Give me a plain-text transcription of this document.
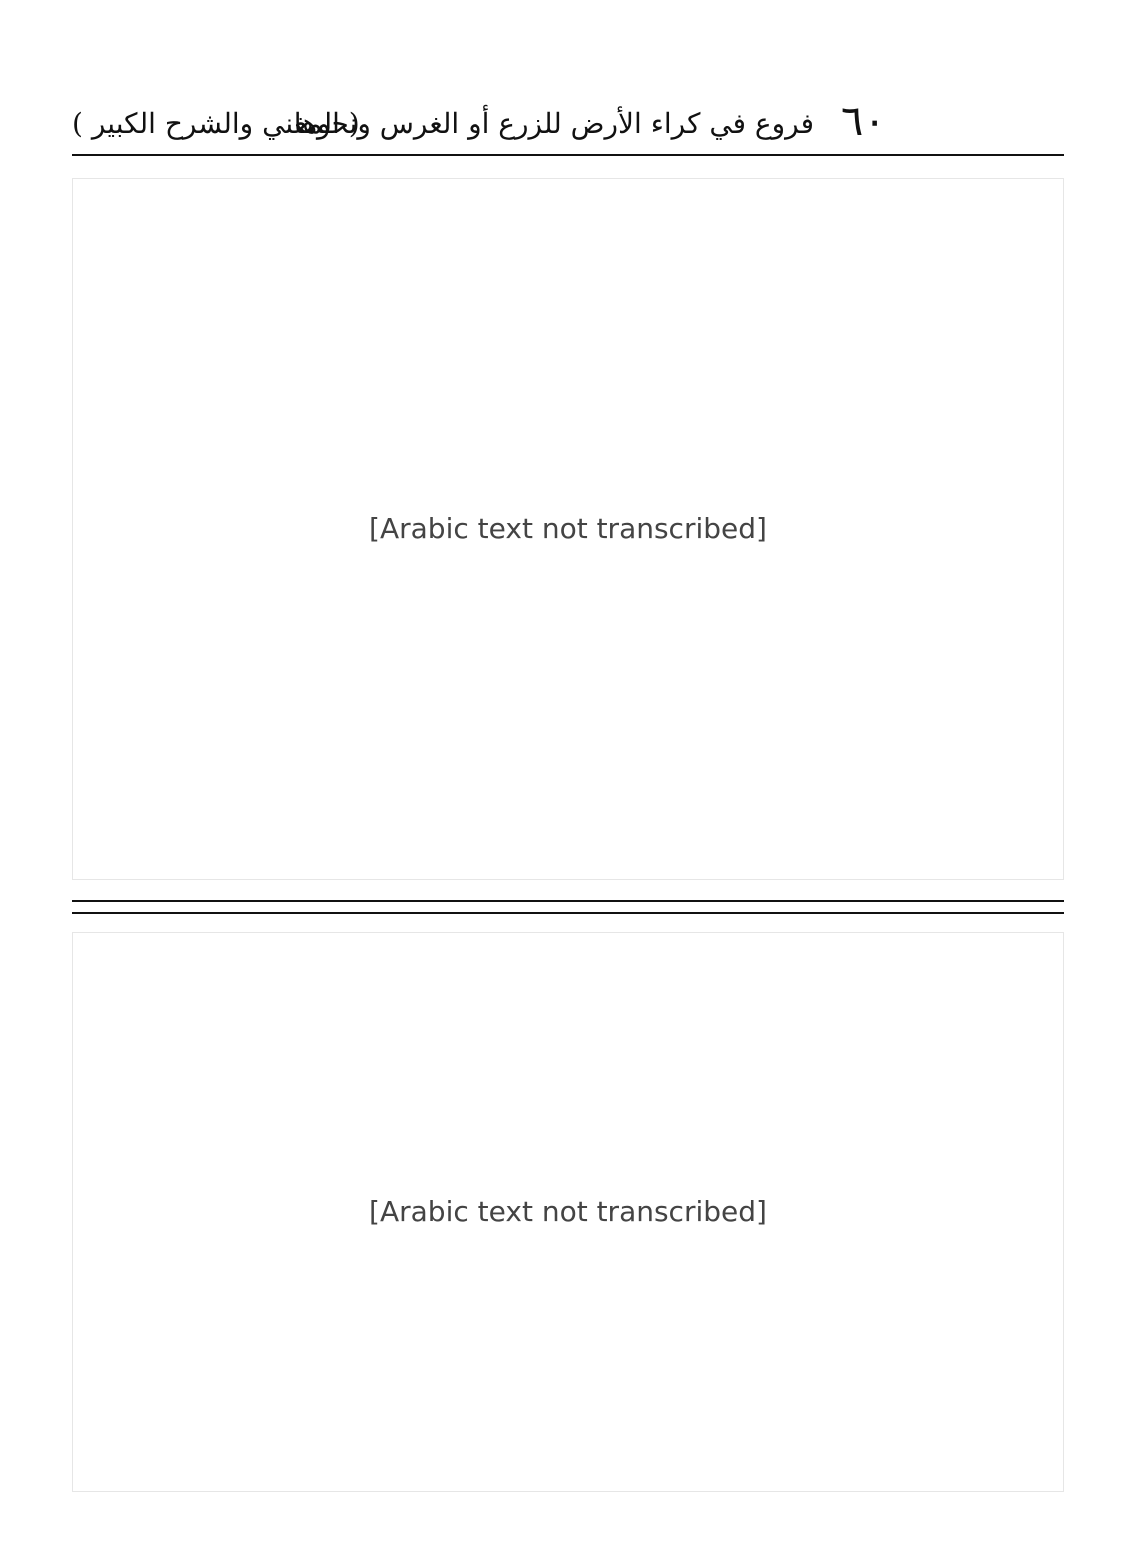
٦٠
فروع في كراء الأرض للزرع أو الغرس ونحوها
( المغني والشرح الكبير )
[Arabic text not transcribed]
[Arabic text not transcribed]
